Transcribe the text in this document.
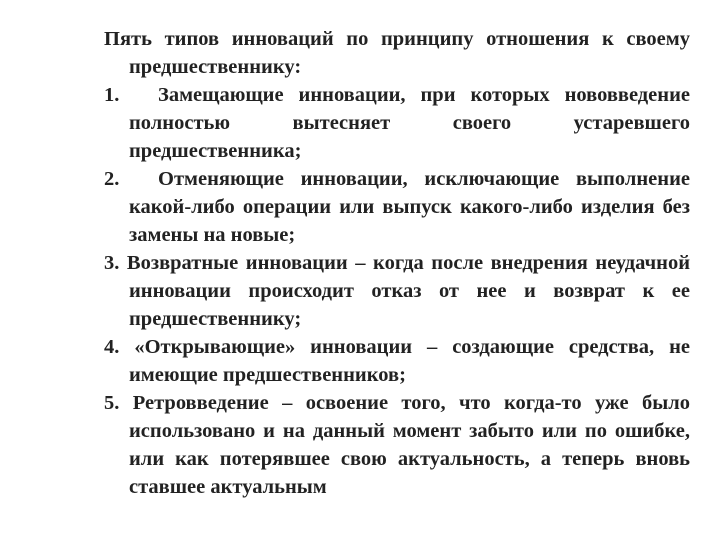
Пять типов инноваций по принципу отношения к своему предшественнику:

1. Замещающие инновации, при которых нововведение полностью вытесняет своего устаревшего предшественника;

2. Отменяющие инновации, исключающие выполнение какой-либо операции или выпуск какого-либо изделия без замены на новые;

3. Возвратные инновации – когда после внедрения неудачной инновации происходит отказ от нее и возврат к ее предшественнику;

4. «Открывающие» инновации – создающие средства, не имеющие предшественников;

5. Ретровведение – освоение того, что когда-то уже было использовано и на данный момент забыто или по ошибке, или как потерявшее свою актуальность, а теперь вновь ставшее актуальным
